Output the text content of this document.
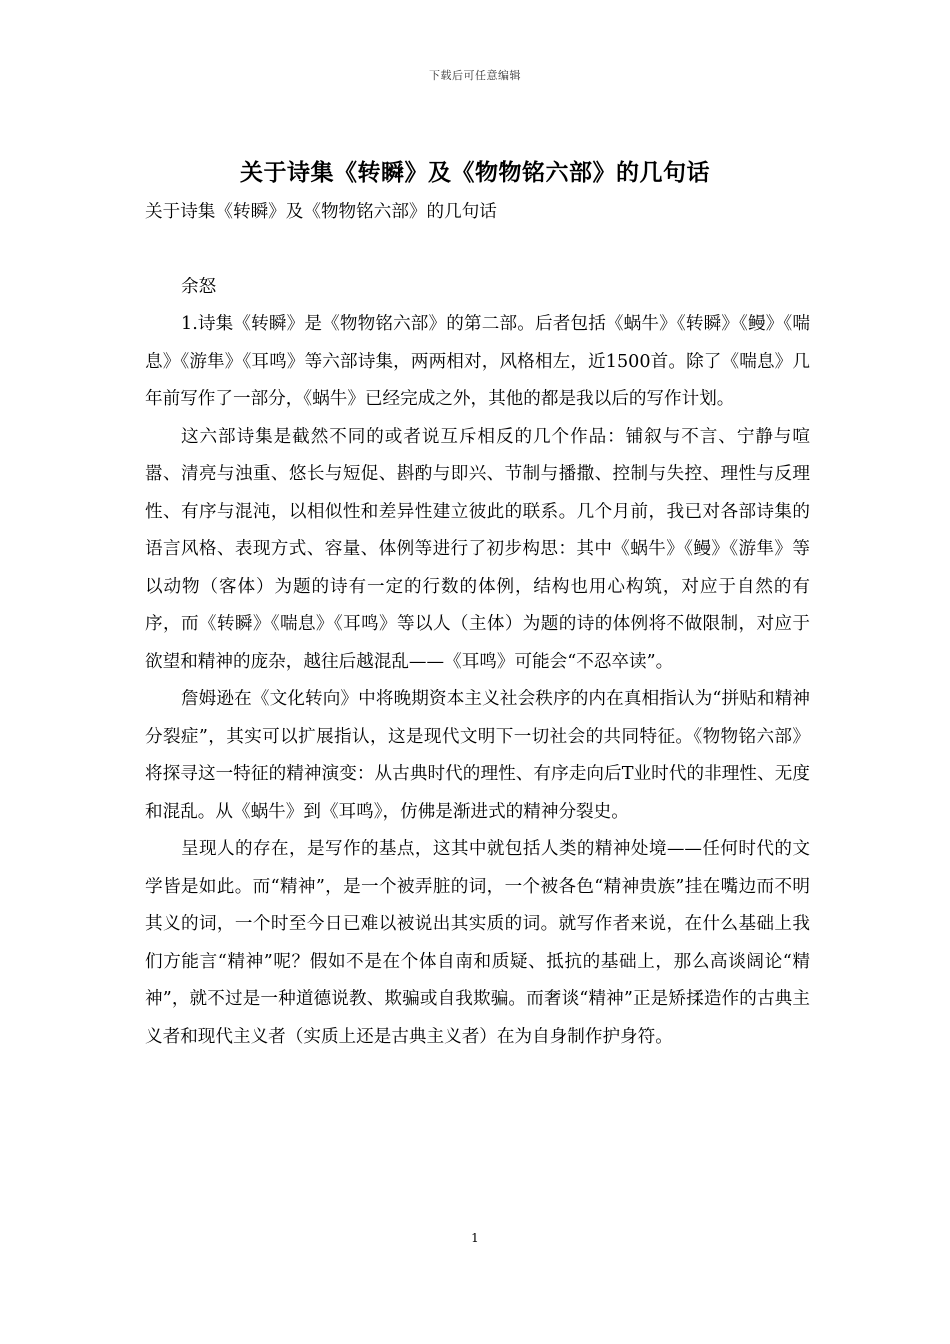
下载后可任意编辑
关于诗集《转瞬》及《物物铭六部》的几句话
关于诗集《转瞬》及《物物铭六部》的几句话
余怒

1.诗集《转瞬》是《物物铭六部》的第二部。后者包括《蜗牛》《转瞬》《鳗》《喘息》《游隼》《耳鸣》等六部诗集，两两相对，风格相左，近1500首。除了《喘息》几年前写作了一部分，《蜗牛》已经完成之外，其他的都是我以后的写作计划。

这六部诗集是截然不同的或者说互斥相反的几个作品：铺叙与不言、宁静与喧嚣、清亮与浊重、悠长与短促、斟酌与即兴、节制与播撒、控制与失控、理性与反理性、有序与混沌，以相似性和差异性建立彼此的联系。几个月前，我已对各部诗集的语言风格、表现方式、容量、体例等进行了初步构思：其中《蜗牛》《鳗》《游隼》等以动物（客体）为题的诗有一定的行数的体例，结构也用心构筑，对应于自然的有序，而《转瞬》《喘息》《耳鸣》等以人（主体）为题的诗的体例将不做限制，对应于欲望和精神的庞杂，越往后越混乱——《耳鸣》可能会“不忍卒读”。

詹姆逊在《文化转向》中将晚期资本主义社会秩序的内在真相指认为“拼贴和精神分裂症”，其实可以扩展指认，这是现代文明下一切社会的共同特征。《物物铭六部》将探寻这一特征的精神演变：从古典时代的理性、有序走向后T业时代的非理性、无度和混乱。从《蜗牛》到《耳鸣》，仿佛是渐进式的精神分裂史。

呈现人的存在，是写作的基点，这其中就包括人类的精神处境——任何时代的文学皆是如此。而“精神”，是一个被弄脏的词，一个被各色“精神贵族”挂在嘴边而不明其义的词，一个时至今日已难以被说出其实质的词。就写作者来说，在什么基础上我们方能言“精神”呢？假如不是在个体自南和质疑、抵抗的基础上，那么高谈阔论“精神”，就不过是一种道德说教、欺骗或自我欺骗。而奢谈“精神”正是矫揉造作的古典主义者和现代主义者（实质上还是古典主义者）在为自身制作护身符。

1
